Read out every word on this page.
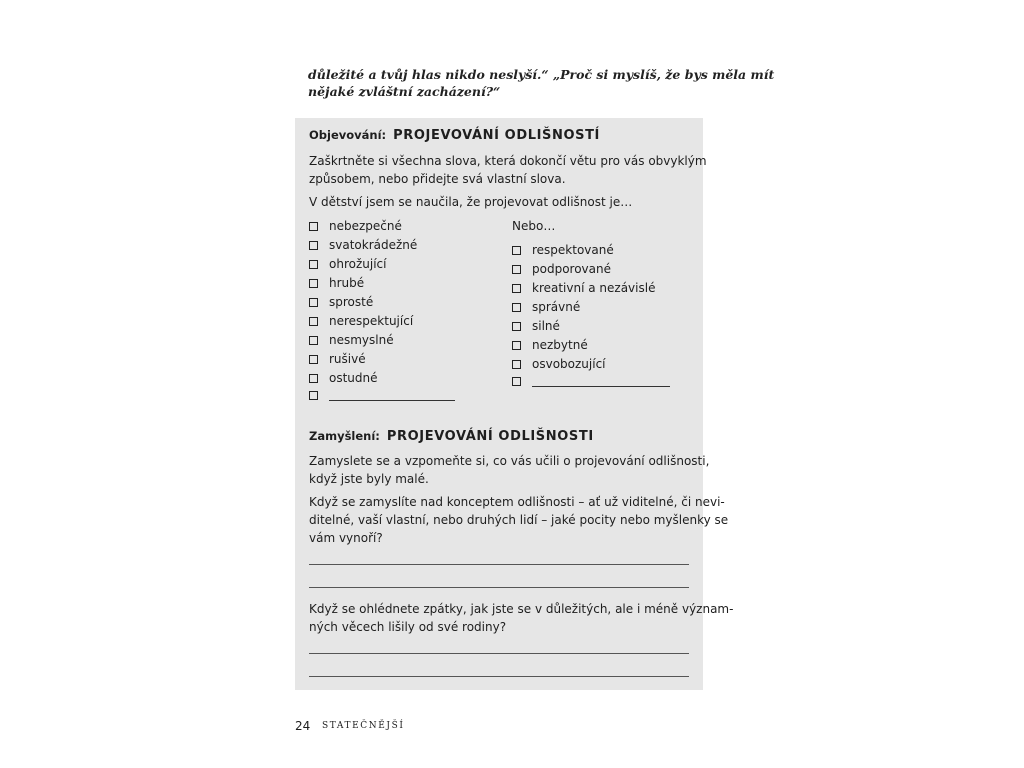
důležité a tvůj hlas nikdo neslyší.“ „Proč si myslíš, že bys měla mít
nějaké zvláštní zacházení?“
Objevování: PROJEVOVÁNÍ ODLIŠNOSTÍ
Zaškrtněte si všechna slova, která dokončí větu pro vás obvyklým
způsobem, nebo přidejte svá vlastní slova.
V dětství jsem se naučila, že projevovat odlišnost je…
nebezpečné
svatokrádežné
ohrožující
hrubé
sprosté
nerespektující
nesmyslné
rušivé
ostudné
Nebo…
respektované
podporované
kreativní a nezávislé
správné
silné
nezbytné
osvobozující
Zamyšlení: PROJEVOVÁNÍ ODLIŠNOSTI
Zamyslete se a vzpomeňte si, co vás učili o projevování odlišnosti,
když jste byly malé.
Když se zamyslíte nad konceptem odlišnosti – ať už viditelné, či nevi-
ditelné, vaší vlastní, nebo druhých lidí – jaké pocity nebo myšlenky se
vám vynoří?
Když se ohlédnete zpátky, jak jste se v důležitých, ale i méně význam-
ných věcech lišily od své rodiny?
24 STATEČNĚJŠÍ
